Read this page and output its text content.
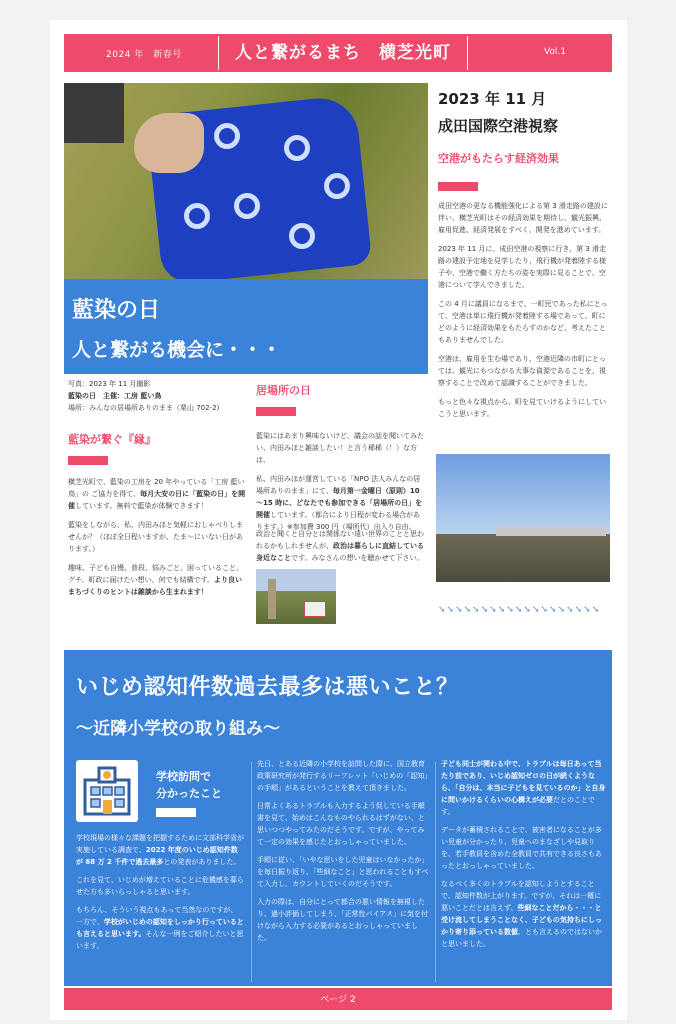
2024 年　新春号	人と繋がるまち　横芝光町	Vol.1
藍染の日
人と繋がる機会に・・・
写真：2023 年 11 月撮影
藍染の日　主催：工房 藍い鳥
場所：みんなの居場所ありのまま（栗山 702-2)
藍染が繋ぐ『縁』

横芝光町で、藍染の工房を 20 年やっている「工房 藍い鳥」の ご協力を得て、毎月大安の日に「藍染の日」を開催しています。無料で藍染が体験できます！

藍染をしながら、私、内田みほと気軽におしゃべりしませんか？（ほぼ全日程いますが、たま～にいない日があります。）

趣味、子ども自慢、普段、悩みごと、困っていること、グチ、町政に届けたい想い、何でも結構です。より良いまちづくりのヒントは雑談から生まれます！

居場所の日

藍染にはあまり興味ないけど、議会の話を聞いてみたい、内田みほと雑談したい！と言う稀稀（！）な方は、

私、内田みほが運営している「NPO 法人みんなの居場所ありのまま」にて、毎月第一金曜日（原則）10～15 時に、どなたでも参加できる「居場所の日」を開催しています。（都合により日程が変わる場合があります。）※参加費 300 円（場所代）出入り自由。

政治と聞くと自分とは関係ない遠い世界のことと思われるかもしれませんが、政治は暮らしに直結している身近なことです。みなさんの想いを聴かせて下さい。

2023 年 11 月
成田国際空港視察
空港がもたらす経済効果

成田空港の更なる機能強化による第 3 滑走路の建設に伴い、横芝光町はその経済効果を期待し、観光振興、雇用促進、経済発展をすべく、開発を進めています。

2023 年 11 月に、成田空港の視察に行き、第 3 滑走路の建設予定地を見学したり、飛行機が発着陸する様子や、空港で働く方たちの姿を実際に見ることで、空港について学んできました。

この 4 月に議員になるまで、一町民であった私にとって、空港は単に飛行機が発着陸する場であって、町にどのように経済効果をもたらすのかなど、考えたこともありませんでした。

空港は、雇用を生む場であり、空港近隣の市町にとっては、観光にもつながる大事な資源であることを、視察することで改めて認識することができました。

もっと色々な視点から、町を見ていけるようにしていこうと思います。

➘➘➘➘➘➘➘➘➘➘➘➘➘➘➘➘➘➘➘
いじめ認知件数過去最多は悪いこと？
～近隣小学校の取り組み～
学校訪問で
分かったこと

学校現場の様々な課題を把握するために文部科学省が実施している調査で、2022 年度のいじめ認知件数が 68 万 2 千件で過去最多との発表がありました。

これを見て、いじめが増えていることに危機感を募らせた方も多いらっしゃると思います。

もちろん、そういう視点もあって当然なのですが、一方で、学校がいじめの認知をしっかり行っているとも言えると思います。そんな一例をご紹介したいと思います。

先日、とある近隣の小学校を訪問した際に、国立教育政策研究所が発行するリーフレット「いじめの「認知」の手順」があるということを教えて頂きました。

日常よくあるトラブルも入力するよう促している手順書を見て、始めはこんなものやられるはずがない、と思いつつやってみたのだそうです。ですが、やってみて一定の効果を感じたとおっしゃっていました。

手順に従い、「いやな思いをした児童はいなかったか」を毎日振り返り、「些細なこと」と思われることもすべて入力し、カウントしていくのだそうです。

入力の際は、自分にとって都合の悪い情報を無視したり、過小評価してしまう、「正常性バイアス」に気を付けながら入力する必要があるとおっしゃっていました。

子ども同士が関わる中で、トラブルは毎日あって当たり前であり、いじめ認知ゼロの日が続くようなら、「自分は、本当に子どもを見ているのか」と自身に問いかけるくらいの心構えが必要だとのことです。

データが蓄積されることで、被害者になることが多い児童が分かったり、児童へのまなざしや見取りを、若手教員を含めた全教員で共有できる良さもあったとおっしゃっていました。

なるべく多くのトラブルを認知しようとすることで、認知件数が上がります。ですが、それは一概に悪いことだとは言えず、些細なことだから・・・と受け流してしまうことなく、子どもの気持ちにしっかり寄り添っている数値、とも言えるのではないかと思いました。

ページ 2
